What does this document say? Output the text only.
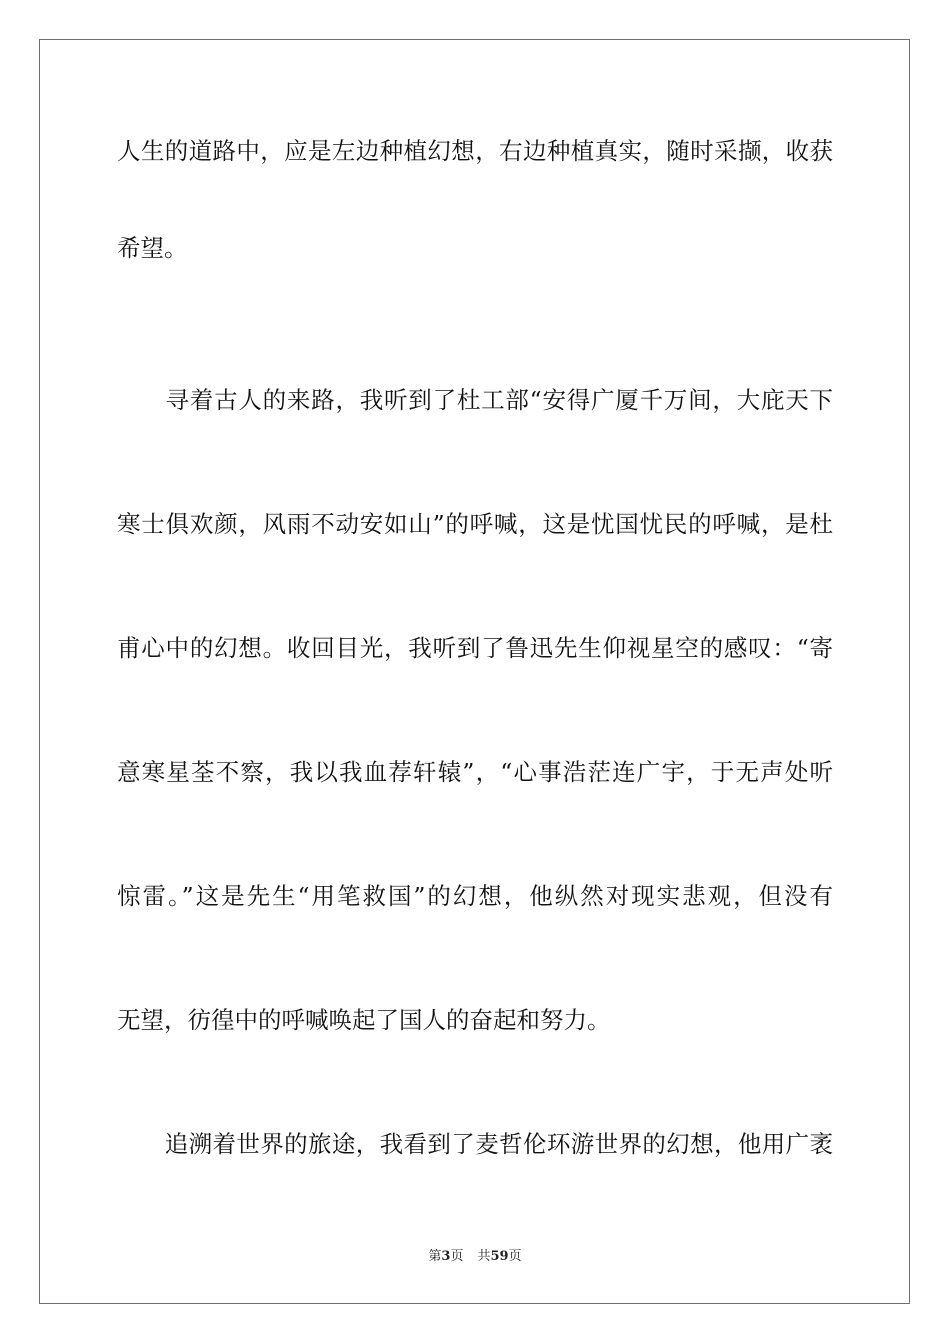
人生的道路中，应是左边种植幻想，右边种植真实，随时采撷，收获
希望。
　　寻着古人的来路，我听到了杜工部“安得广厦千万间，大庇天下
寒士俱欢颜，风雨不动安如山”的呼喊，这是忧国忧民的呼喊，是杜
甫心中的幻想。收回目光，我听到了鲁迅先生仰视星空的感叹：“寄
意寒星荃不察，我以我血荐轩辕”，“心事浩茫连广宇，于无声处听
惊雷。”这是先生“用笔救国”的幻想，他纵然对现实悲观，但没有
无望，彷徨中的呼喊唤起了国人的奋起和努力。
　　追溯着世界的旅途，我看到了麦哲伦环游世界的幻想，他用广袤
第3页 共59页
